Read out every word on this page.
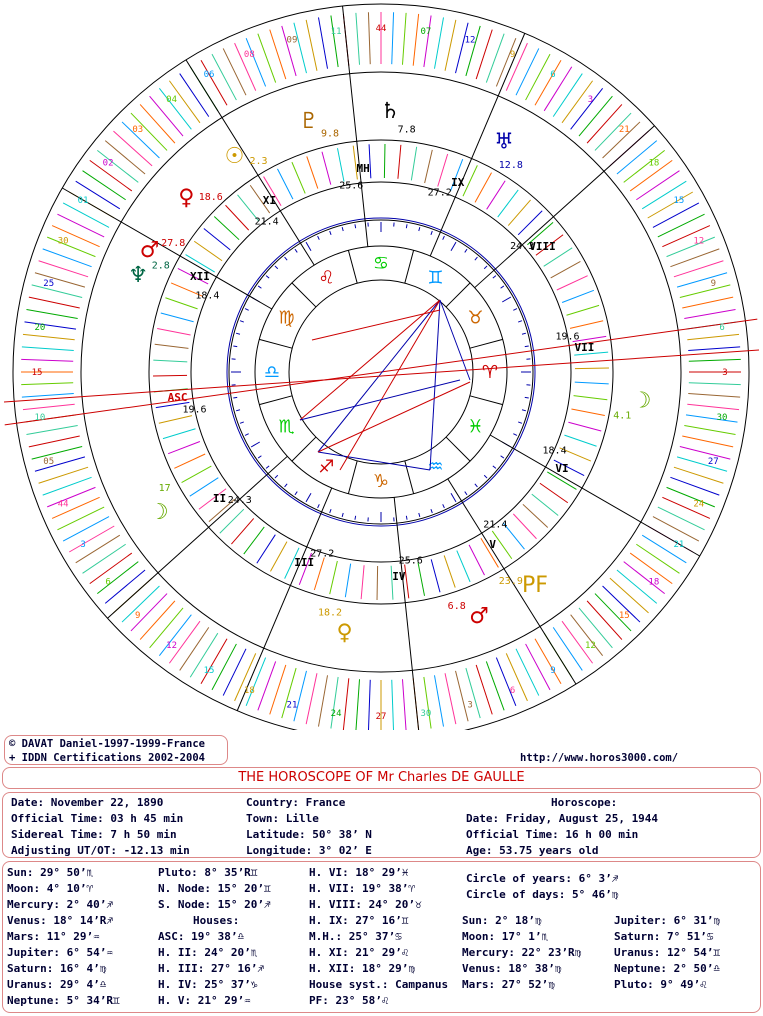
♈
♉
♊
♋
♌
♍
♎
♏
♐
♑
♒
♓
ASC
19.6
II 24.3
III
27.2
IV
25.6
V
21.4
VI
18.4
VII
19.6
VIII
24.3
IX
27.2
MH
25.6
XI
21.4
XII
18.4
♄
7.8	♅
12.8
♇ 9.8
☉ 2.3
♀ 18.6
♂ 27.8
♆ 2.8
☽
4.1
☽
17
♂
6.8
PF
23.9
♀
18.2
44	07
12
9
6
3
21
18
15
12
9
6
3
30
27
24
21
18
15
12
9
6
3
30
27
24
21
18
15
12
9
6
3
44
05
10
15
20
25
30
01
02
03
04
06
08
09
11
© DAVAT Daniel-1997-1999-France
+ IDDN Certifications 2002-2004	http://www.horos3000.com/
THE HOROSCOPE OF Mr Charles DE GAULLE
Date: November 22, 1890
Official Time: 03 h 45 min
Sidereal Time: 7 h 50 min
Adjusting UT/OT: -12.13 min
Country: France
Town: Lille
Latitude: 50° 38’ N
Longitude: 3° 02’ E
Horoscope:
Date: Friday, August 25, 1944
Official Time: 16 h 00 min
Age: 53.75 years old
Sun: 29° 50’♏
Moon: 4° 10’♈
Mercury: 2° 40’♐
Venus: 18° 14’R♐
Mars: 11° 29’♒
Jupiter: 6° 54’♒
Saturn: 16° 4’♍
Uranus: 29° 4’♎
Neptune: 5° 34’R♊
Pluto: 8° 35’R♊
N. Node: 15° 20’♊
S. Node: 15° 20’♐
Houses:
ASC: 19° 38’♎
H. II: 24° 20’♏
H. III: 27° 16’♐
H. IV: 25° 37’♑
H. V: 21° 29’♒
H. VI: 18° 29’♓
H. VII: 19° 38’♈
H. VIII: 24° 20’♉
H. IX: 27° 16’♊
M.H.: 25° 37’♋
H. XI: 21° 29’♌
H. XII: 18° 29’♍
House syst.: Campanus
PF: 23° 58’♌
Sun: 2° 18’♍
Moon: 17° 1’♏
Mercury: 22° 23’R♍
Venus: 18° 38’♍
Mars: 27° 52’♍
Jupiter: 6° 31’♍
Saturn: 7° 51’♋
Uranus: 12° 54’♊
Neptune: 2° 50’♎
Pluto: 9° 49’♌
Circle of years: 6° 3’♐
Circle of days: 5° 46’♍
